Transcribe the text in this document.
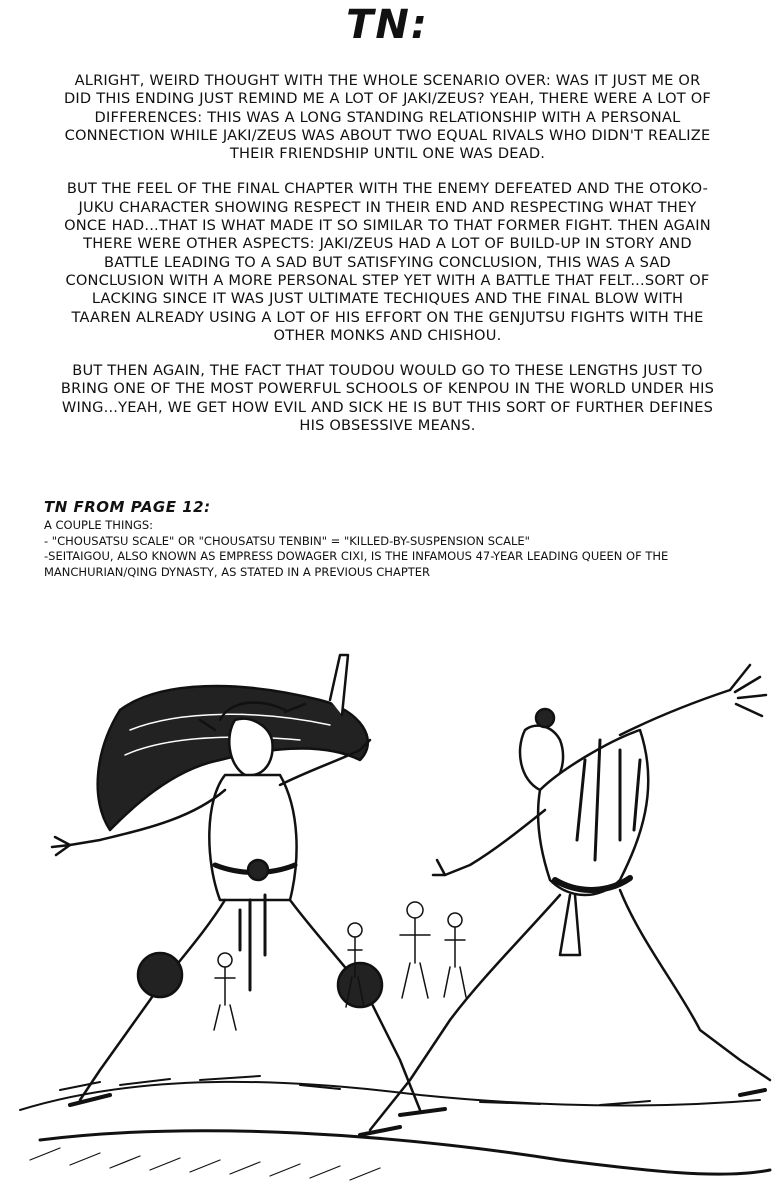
TN:

ALRIGHT, WEIRD THOUGHT WITH THE WHOLE SCENARIO OVER: WAS IT JUST ME OR DID THIS ENDING JUST REMIND ME A LOT OF JAKI/ZEUS? YEAH, THERE WERE A LOT OF DIFFERENCES: THIS WAS A LONG STANDING RELATIONSHIP WITH A PERSONAL CONNECTION WHILE JAKI/ZEUS WAS ABOUT TWO EQUAL RIVALS WHO DIDN'T REALIZE THEIR FRIENDSHIP UNTIL ONE WAS DEAD.

BUT THE FEEL OF THE FINAL CHAPTER WITH THE ENEMY DEFEATED AND THE OTOKO-JUKU CHARACTER SHOWING RESPECT IN THEIR END AND RESPECTING WHAT THEY ONCE HAD...THAT IS WHAT MADE IT SO SIMILAR TO THAT FORMER FIGHT. THEN AGAIN THERE WERE OTHER ASPECTS: JAKI/ZEUS HAD A LOT OF BUILD-UP IN STORY AND BATTLE LEADING TO A SAD BUT SATISFYING CONCLUSION, THIS WAS A SAD CONCLUSION WITH A MORE PERSONAL STEP YET WITH A BATTLE THAT FELT...SORT OF LACKING SINCE IT WAS JUST ULTIMATE TECHIQUES AND THE FINAL BLOW WITH TAAREN ALREADY USING A LOT OF HIS EFFORT ON THE GENJUTSU FIGHTS WITH THE OTHER MONKS AND CHISHOU.

BUT THEN AGAIN, THE FACT THAT TOUDOU WOULD GO TO THESE LENGTHS JUST TO BRING ONE OF THE MOST POWERFUL SCHOOLS OF KENPOU IN THE WORLD UNDER HIS WING...YEAH, WE GET HOW EVIL AND SICK HE IS BUT THIS SORT OF FURTHER DEFINES HIS OBSESSIVE MEANS.

TN FROM PAGE 12:

A COUPLE THINGS:

- "CHOUSATSU SCALE" OR "CHOUSATSU TENBIN" = "KILLED-BY-SUSPENSION SCALE"

-SEITAIGOU, ALSO KNOWN AS EMPRESS DOWAGER CIXI, IS THE INFAMOUS 47-YEAR LEADING QUEEN OF THE MANCHURIAN/QING DYNASTY, AS STATED IN A PREVIOUS CHAPTER
